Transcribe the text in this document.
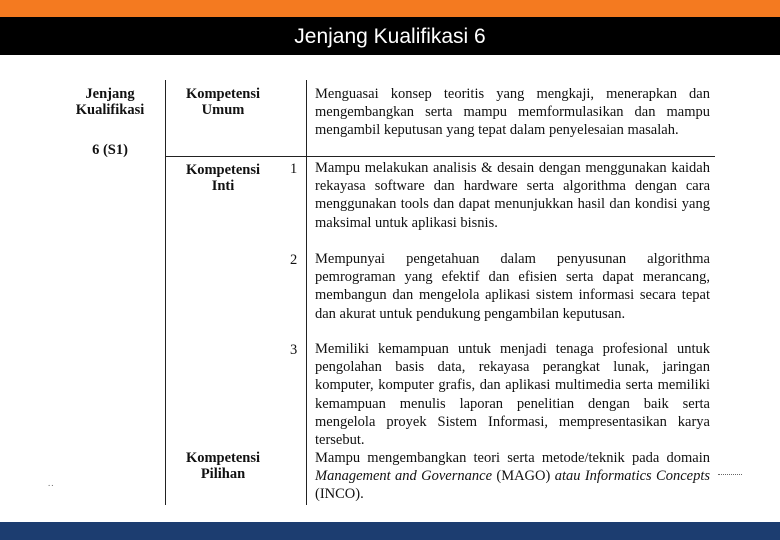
Jenjang Kualifikasi 6
Jenjang
Kualifikasi
6 (S1)
Kompetensi
Umum
Kompetensi
Inti
Kompetensi
Pilihan
1
2
3
Menguasai konsep teoritis yang mengkaji, menerapkan dan mengembangkan serta mampu memformulasikan dan mampu mengambil keputusan yang tepat dalam penyelesaian masalah.
Mampu melakukan analisis & desain dengan menggunakan kaidah rekayasa software dan hardware serta algorithma dengan cara menggunakan tools dan dapat menunjukkan hasil dan kondisi yang maksimal untuk aplikasi bisnis.
Mempunyai pengetahuan dalam penyusunan algorithma pemrograman yang efektif dan efisien serta dapat merancang, membangun dan mengelola aplikasi sistem informasi secara tepat dan akurat untuk pendukung pengambilan keputusan.
Memiliki kemampuan untuk menjadi tenaga profesional untuk pengolahan basis data, rekayasa perangkat lunak, jaringan komputer, komputer grafis, dan aplikasi multimedia serta memiliki kemampuan menulis laporan penelitian dengan baik serta mengelola proyek Sistem Informasi, mempresentasikan karya tersebut.
Mampu mengembangkan teori serta metode/teknik pada domain Management and Governance (MAGO) atau Informatics Concepts (INCO).
..
